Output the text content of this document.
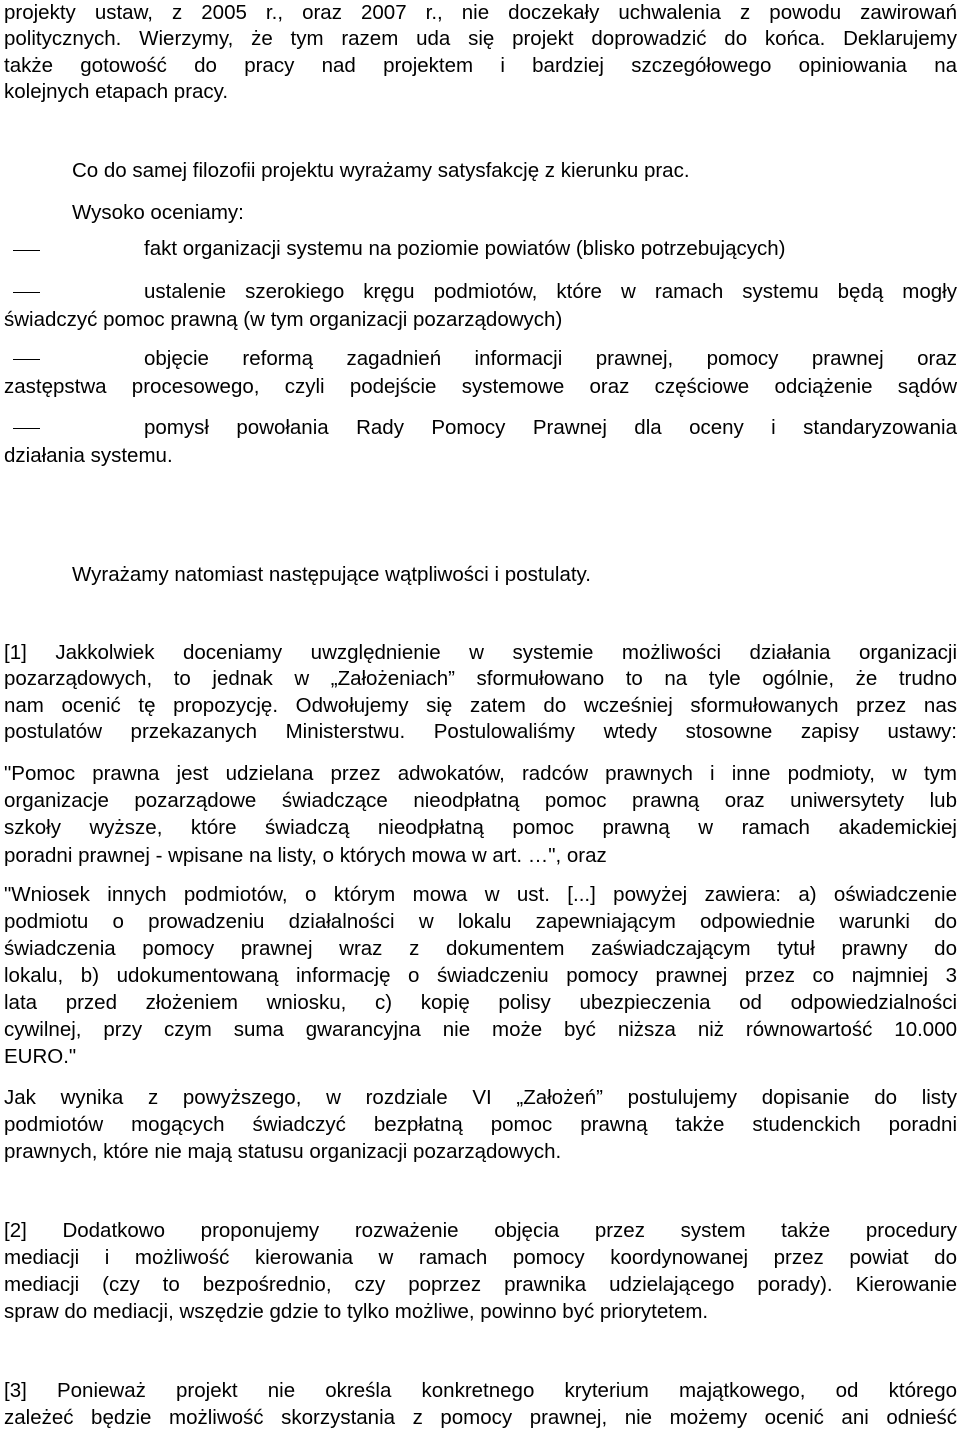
projekty ustaw, z 2005 r., oraz 2007 r., nie doczekały uchwalenia z powodu zawirowań
politycznych. Wierzymy, że tym razem uda się projekt doprowadzić do końca. Deklarujemy
także gotowość do pracy nad projektem i bardziej szczegółowego opiniowania na
kolejnych etapach pracy.
Co do samej filozofii projektu wyrażamy satysfakcję z kierunku prac.
Wysoko oceniamy:
fakt organizacji systemu na poziomie powiatów (blisko potrzebujących)
ustalenie szerokiego kręgu podmiotów, które w ramach systemu będą mogły
świadczyć pomoc prawną (w tym organizacji pozarządowych)
objęcie reformą zagadnień informacji prawnej, pomocy prawnej oraz
zastępstwa procesowego, czyli podejście systemowe oraz częściowe odciążenie sądów
pomysł powołania Rady Pomocy Prawnej dla oceny i standaryzowania
działania systemu.
Wyrażamy natomiast następujące wątpliwości i postulaty.
[1] Jakkolwiek doceniamy uwzględnienie w systemie możliwości działania organizacji
pozarządowych, to jednak w „Założeniach” sformułowano to na tyle ogólnie, że trudno
nam ocenić tę propozycję. Odwołujemy się zatem do wcześniej sformułowanych przez nas
postulatów przekazanych Ministerstwu. Postulowaliśmy wtedy stosowne zapisy ustawy:
"Pomoc prawna jest udzielana przez adwokatów, radców prawnych i inne podmioty, w tym
organizacje pozarządowe świadczące nieodpłatną pomoc prawną oraz uniwersytety lub
szkoły wyższe, które świadczą nieodpłatną pomoc prawną w ramach akademickiej
poradni prawnej - wpisane na listy, o których mowa w art. …", oraz
"Wniosek innych podmiotów, o którym mowa w ust. [...] powyżej zawiera: a) oświadczenie
podmiotu o prowadzeniu działalności w lokalu zapewniającym odpowiednie warunki do
świadczenia pomocy prawnej wraz z dokumentem zaświadczającym tytuł prawny do
lokalu, b) udokumentowaną informację o świadczeniu pomocy prawnej przez co najmniej 3
lata przed złożeniem wniosku, c) kopię polisy ubezpieczenia od odpowiedzialności
cywilnej, przy czym suma gwarancyjna nie może być niższa niż równowartość 10.000
EURO."
Jak wynika z powyższego, w rozdziale VI „Założeń” postulujemy dopisanie do listy
podmiotów mogących świadczyć bezpłatną pomoc prawną także studenckich poradni
prawnych, które nie mają statusu organizacji pozarządowych.
[2] Dodatkowo proponujemy rozważenie objęcia przez system także procedury
mediacji i możliwość kierowania w ramach pomocy koordynowanej przez powiat do
mediacji (czy to bezpośrednio, czy poprzez prawnika udzielającego porady). Kierowanie
spraw do mediacji, wszędzie gdzie to tylko możliwe, powinno być priorytetem.
[3] Ponieważ projekt nie określa konkretnego kryterium majątkowego, od którego
zależeć będzie możliwość skorzystania z pomocy prawnej, nie możemy ocenić ani odnieść
